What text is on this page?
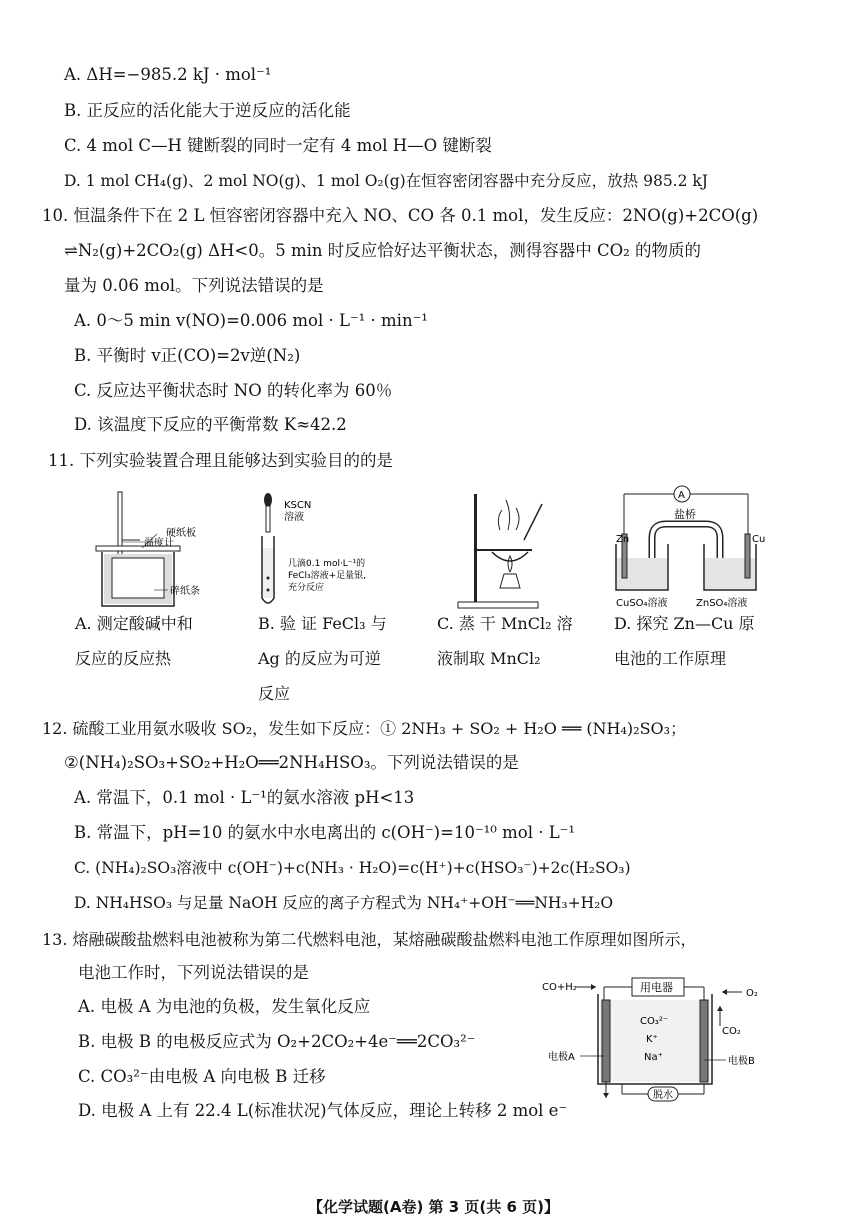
A. ΔH=−985.2 kJ · mol⁻¹
B. 正反应的活化能大于逆反应的活化能
C. 4 mol C—H 键断裂的同时一定有 4 mol H—O 键断裂
D. 1 mol CH₄(g)、2 mol NO(g)、1 mol O₂(g)在恒容密闭容器中充分反应，放热 985.2 kJ
10. 恒温条件下在 2 L 恒容密闭容器中充入 NO、CO 各 0.1 mol，发生反应：2NO(g)+2CO(g)
⇌N₂(g)+2CO₂(g) ΔH<0。5 min 时反应恰好达平衡状态，测得容器中 CO₂ 的物质的
量为 0.06 mol。下列说法错误的是
A. 0～5 min v(NO)=0.006 mol · L⁻¹ · min⁻¹
B. 平衡时 v正(CO)=2v逆(N₂)
C. 反应达平衡状态时 NO 的转化率为 60％
D. 该温度下反应的平衡常数 K≈42.2
11. 下列实验装置合理且能够达到实验目的的是
温度计
硬纸板
碎纸条
KSCN
溶液
几滴0.1 mol·L⁻¹的
FeCl₃溶液+足量银,
充分反应
A
盐桥
Zn	Cu
CuSO₄溶液	ZnSO₄溶液
A. 测定酸碱中和
反应的反应热
B. 验 证 FeCl₃ 与
Ag 的反应为可逆
反应
C. 蒸 干 MnCl₂ 溶
液制取 MnCl₂
D. 探究 Zn—Cu 原
电池的工作原理
12. 硫酸工业用氨水吸收 SO₂，发生如下反应：① 2NH₃ + SO₂ + H₂O ══ (NH₄)₂SO₃；
②(NH₄)₂SO₃+SO₂+H₂O══2NH₄HSO₃。下列说法错误的是
A. 常温下，0.1 mol · L⁻¹的氨水溶液 pH<13
B. 常温下，pH=10 的氨水中水电离出的 c(OH⁻)=10⁻¹⁰ mol · L⁻¹
C. (NH₄)₂SO₃溶液中 c(OH⁻)+c(NH₃ · H₂O)=c(H⁺)+c(HSO₃⁻)+2c(H₂SO₃)
D. NH₄HSO₃ 与足量 NaOH 反应的离子方程式为 NH₄⁺+OH⁻══NH₃+H₂O
13. 熔融碳酸盐燃料电池被称为第二代燃料电池，某熔融碳酸盐燃料电池工作原理如图所示，
电池工作时，下列说法错误的是
A. 电极 A 为电池的负极，发生氧化反应
B. 电极 B 的电极反应式为 O₂+2CO₂+4e⁻══2CO₃²⁻
C. CO₃²⁻由电极 A 向电极 B 迁移
D. 电极 A 上有 22.4 L(标准状况)气体反应，理论上转移 2 mol e⁻
CO+H₂	用电器	O₂
CO₂
脱水
CO₃²⁻
K⁺
Na⁺
电极A	电极B
【化学试题(A卷) 第 3 页(共 6 页)】
